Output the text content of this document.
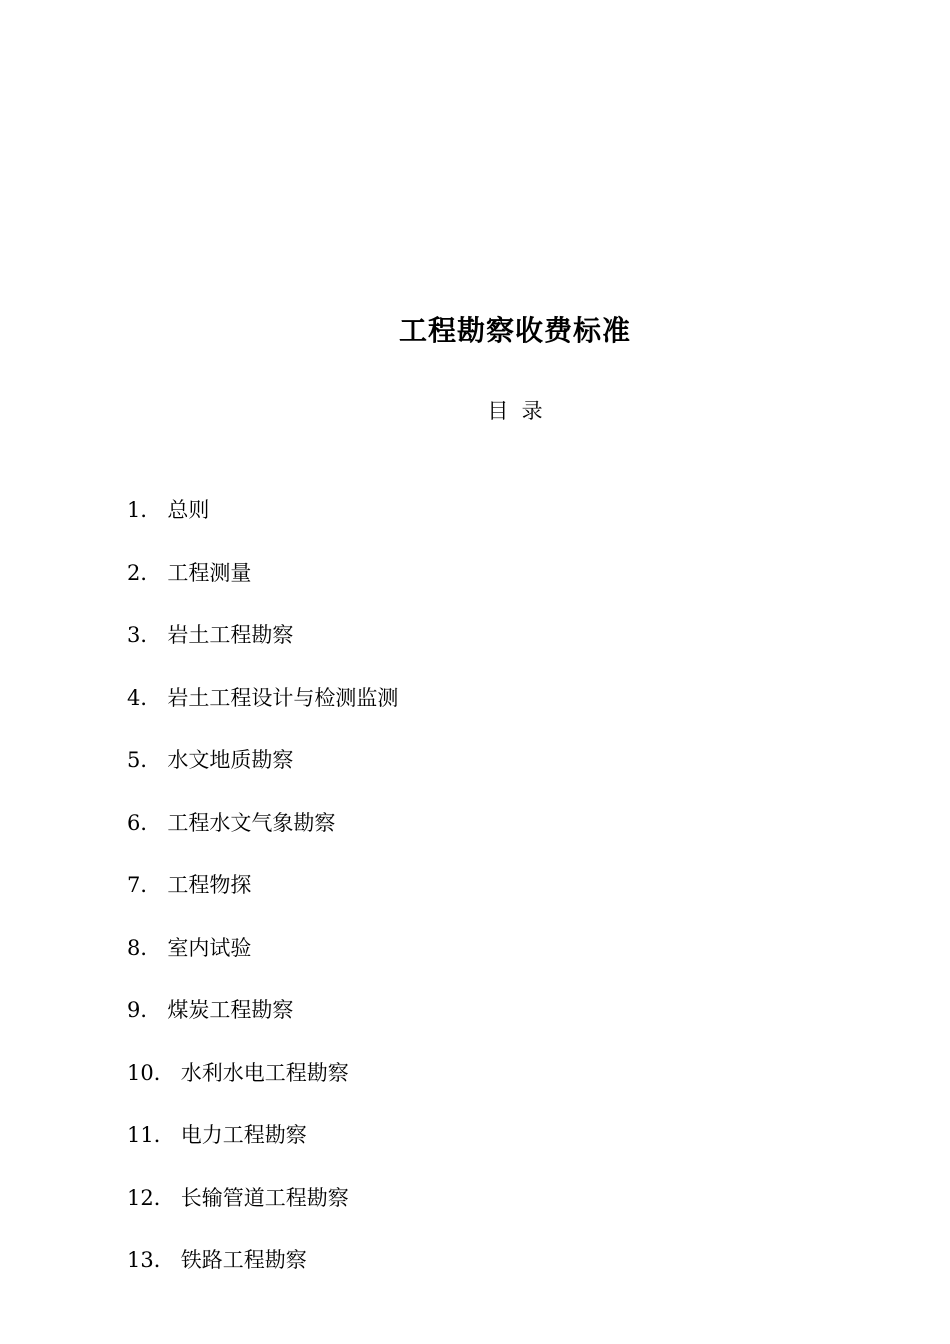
工程勘察收费标准
目  录
1． 总则
2． 工程测量
3． 岩土工程勘察
4． 岩土工程设计与检测监测
5． 水文地质勘察
6． 工程水文气象勘察
7． 工程物探
8． 室内试验
9． 煤炭工程勘察
10． 水利水电工程勘察
11． 电力工程勘察
12． 长输管道工程勘察
13． 铁路工程勘察
